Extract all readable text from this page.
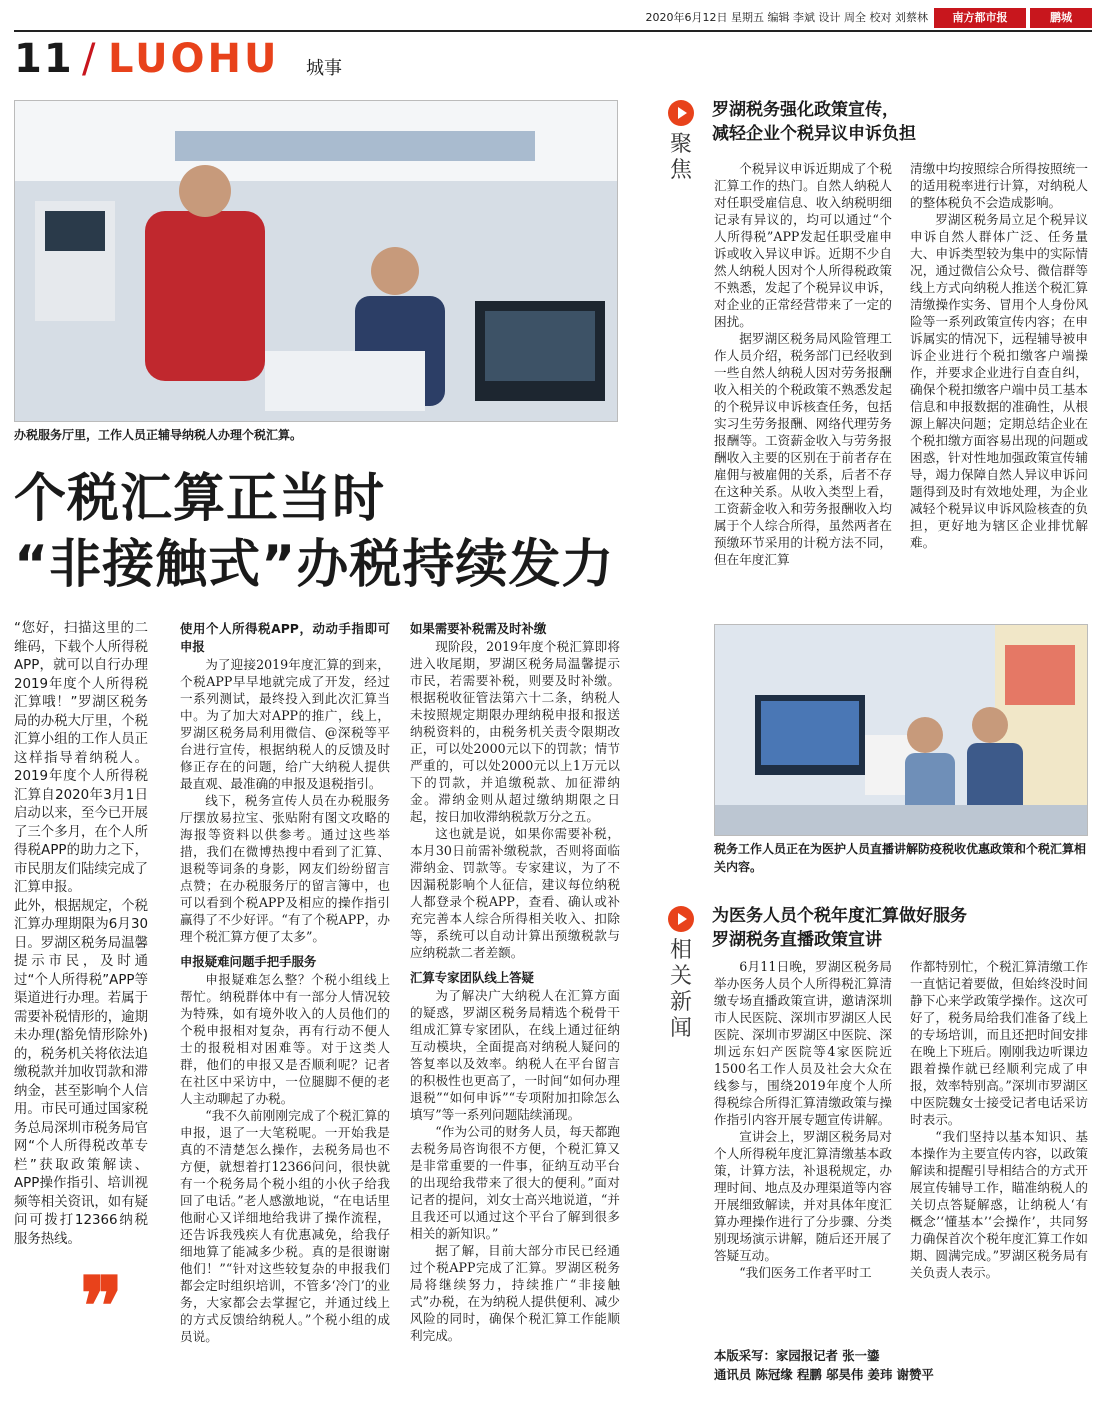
2020年6月12日 星期五 编辑 李斌 设计 周全 校对 刘蔡林	南方都市报	鹏城
11 / LUOHU 城事
办税服务厅里，工作人员正辅导纳税人办理个税汇算。
个税汇算正当时
“非接触式”办税持续发力

“您好，扫描这里的二维码，下载个人所得税APP，就可以自行办理2019年度个人所得税汇算哦！”罗湖区税务局的办税大厅里，个税汇算小组的工作人员正这样指导着纳税人。2019年度个人所得税汇算自2020年3月1日启动以来，至今已开展了三个多月，在个人所得税APP的助力之下，市民朋友们陆续完成了汇算申报。

此外，根据规定，个税汇算办理期限为6月30日。罗湖区税务局温馨提示市民，及时通过“个人所得税”APP等渠道进行办理。若属于需要补税情形的，逾期未办理(豁免情形除外)的，税务机关将依法追缴税款并加收罚款和滞纳金，甚至影响个人信用。市民可通过国家税务总局深圳市税务局官网“个人所得税改革专栏”获取政策解读、APP操作指引、培训视频等相关资讯，如有疑问可拨打12366纳税服务热线。

❞

使用个人所得税APP，动动手指即可申报

为了迎接2019年度汇算的到来，个税APP早早地就完成了开发，经过一系列测试，最终投入到此次汇算当中。为了加大对APP的推广，线上，罗湖区税务局利用微信、@深税等平台进行宣传，根据纳税人的反馈及时修正存在的问题，给广大纳税人提供最直观、最准确的申报及退税指引。

线下，税务宣传人员在办税服务厅摆放易拉宝、张贴附有图文攻略的海报等资料以供参考。通过这些举措，我们在微博热搜中看到了汇算、退税等词条的身影，网友们纷纷留言点赞；在办税服务厅的留言簿中，也可以看到个税APP及相应的操作指引赢得了不少好评。“有了个税APP，办理个税汇算方便了太多”。

申报疑难问题手把手服务

申报疑难怎么整？个税小组线上帮忙。纳税群体中有一部分人情况较为特殊，如有境外收入的人员他们的个税申报相对复杂，再有行动不便人士的报税相对困难等。对于这类人群，他们的申报又是否顺利呢？记者在社区中采访中，一位腿脚不便的老人主动聊起了办税。

“我不久前刚刚完成了个税汇算的申报，退了一大笔税呢。一开始我是真的不清楚怎么操作，去税务局也不方便，就想着打12366问问，很快就有一个税务局个税小组的小伙子给我回了电话。”老人感激地说，“在电话里他耐心又详细地给我讲了操作流程，还告诉我残疾人有优惠减免，给我仔细地算了能减多少税。真的是很谢谢他们！”“针对这些较复杂的申报我们都会定时组织培训，不管多‘冷门’的业务，大家都会去掌握它，并通过线上的方式反馈给纳税人。”个税小组的成员说。

如果需要补税需及时补缴

现阶段，2019年度个税汇算即将进入收尾期，罗湖区税务局温馨提示市民，若需要补税，则要及时补缴。根据税收征管法第六十二条，纳税人未按照规定期限办理纳税申报和报送纳税资料的，由税务机关责令限期改正，可以处2000元以下的罚款；情节严重的，可以处2000元以上1万元以下的罚款，并追缴税款、加征滞纳金。滞纳金则从超过缴纳期限之日起，按日加收滞纳税款万分之五。

这也就是说，如果你需要补税，本月30日前需补缴税款，否则将面临滞纳金、罚款等。专家建议，为了不因漏税影响个人征信，建议每位纳税人都登录个税APP，查看、确认或补充完善本人综合所得相关收入、扣除等，系统可以自动计算出预缴税款与应纳税款二者差额。

汇算专家团队线上答疑

为了解决广大纳税人在汇算方面的疑惑，罗湖区税务局精选个税骨干组成汇算专家团队，在线上通过征纳互动模块，全面提高对纳税人疑问的答复率以及效率。纳税人在平台留言的积极性也更高了，一时间“如何办理退税”“如何申诉”“专项附加扣除怎么填写”等一系列问题陆续涌现。

“作为公司的财务人员，每天都跑去税务局咨询很不方便，个税汇算又是非常重要的一件事，征纳互动平台的出现给我带来了很大的便利。”面对记者的提问，刘女士高兴地说道，“并且我还可以通过这个平台了解到很多相关的新知识。”

据了解，目前大部分市民已经通过个税APP完成了汇算。罗湖区税务局将继续努力，持续推广“非接触式”办税，在为纳税人提供便利、减少风险的同时，确保个税汇算工作能顺利完成。

聚焦
罗湖税务强化政策宣传，
减轻企业个税异议申诉负担

个税异议申诉近期成了个税汇算工作的热门。自然人纳税人对任职受雇信息、收入纳税明细记录有异议的，均可以通过“个人所得税”APP发起任职受雇申诉或收入异议申诉。近期不少自然人纳税人因对个人所得税政策不熟悉，发起了个税异议申诉，对企业的正常经营带来了一定的困扰。

据罗湖区税务局风险管理工作人员介绍，税务部门已经收到一些自然人纳税人因对劳务报酬收入相关的个税政策不熟悉发起的个税异议申诉核查任务，包括实习生劳务报酬、网络代理劳务报酬等。工资薪金收入与劳务报酬收入主要的区别在于前者存在雇佣与被雇佣的关系，后者不存在这种关系。从收入类型上看，工资薪金收入和劳务报酬收入均属于个人综合所得，虽然两者在预缴环节采用的计税方法不同，但在年度汇算

清缴中均按照综合所得按照统一的适用税率进行计算，对纳税人的整体税负不会造成影响。

罗湖区税务局立足个税异议申诉自然人群体广泛、任务量大、申诉类型较为集中的实际情况，通过微信公众号、微信群等线上方式向纳税人推送个税汇算清缴操作实务、冒用个人身份风险等一系列政策宣传内容；在申诉属实的情况下，远程辅导被申诉企业进行个税扣缴客户端操作，并要求企业进行自查自纠，确保个税扣缴客户端中员工基本信息和申报数据的准确性，从根源上解决问题；定期总结企业在个税扣缴方面容易出现的问题或困惑，针对性地加强政策宣传辅导，竭力保障自然人异议申诉问题得到及时有效地处理，为企业减轻个税异议申诉风险核查的负担，更好地为辖区企业排忧解难。

税务工作人员正在为医护人员直播讲解防疫税收优惠政策和个税汇算相关内容。
相关新闻
为医务人员个税年度汇算做好服务
罗湖税务直播政策宣讲

6月11日晚，罗湖区税务局举办医务人员个人所得税汇算清缴专场直播政策宣讲，邀请深圳市人民医院、深圳市罗湖区人民医院、深圳市罗湖区中医院、深圳远东妇产医院等4家医院近1500名工作人员及社会大众在线参与，围绕2019年度个人所得税综合所得汇算清缴政策与操作指引内容开展专题宣传讲解。

宣讲会上，罗湖区税务局对个人所得税年度汇算清缴基本政策，计算方法，补退税规定，办理时间、地点及办理渠道等内容开展细致解读，并对具体年度汇算办理操作进行了分步骤、分类别现场演示讲解，随后还开展了答疑互动。

“我们医务工作者平时工

作都特别忙，个税汇算清缴工作一直惦记着要做，但始终没时间静下心来学政策学操作。这次可好了，税务局给我们准备了线上的专场培训，而且还把时间安排在晚上下班后。刚刚我边听课边跟着操作就已经顺利完成了申报，效率特别高。”深圳市罗湖区中医院魏女士接受记者电话采访时表示。

“我们坚持以基本知识、基本操作为主要宣传内容，以政策解读和提醒引导相结合的方式开展宣传辅导工作，瞄准纳税人的关切点答疑解惑，让纳税人‘有概念’‘懂基本’‘会操作’，共同努力确保首次个税年度汇算工作如期、圆满完成。”罗湖区税务局有关负责人表示。

本版采写：家园报记者 张一鎏
通讯员 陈冠缘 程鹏 邬昊伟 姜玮 谢赞平
